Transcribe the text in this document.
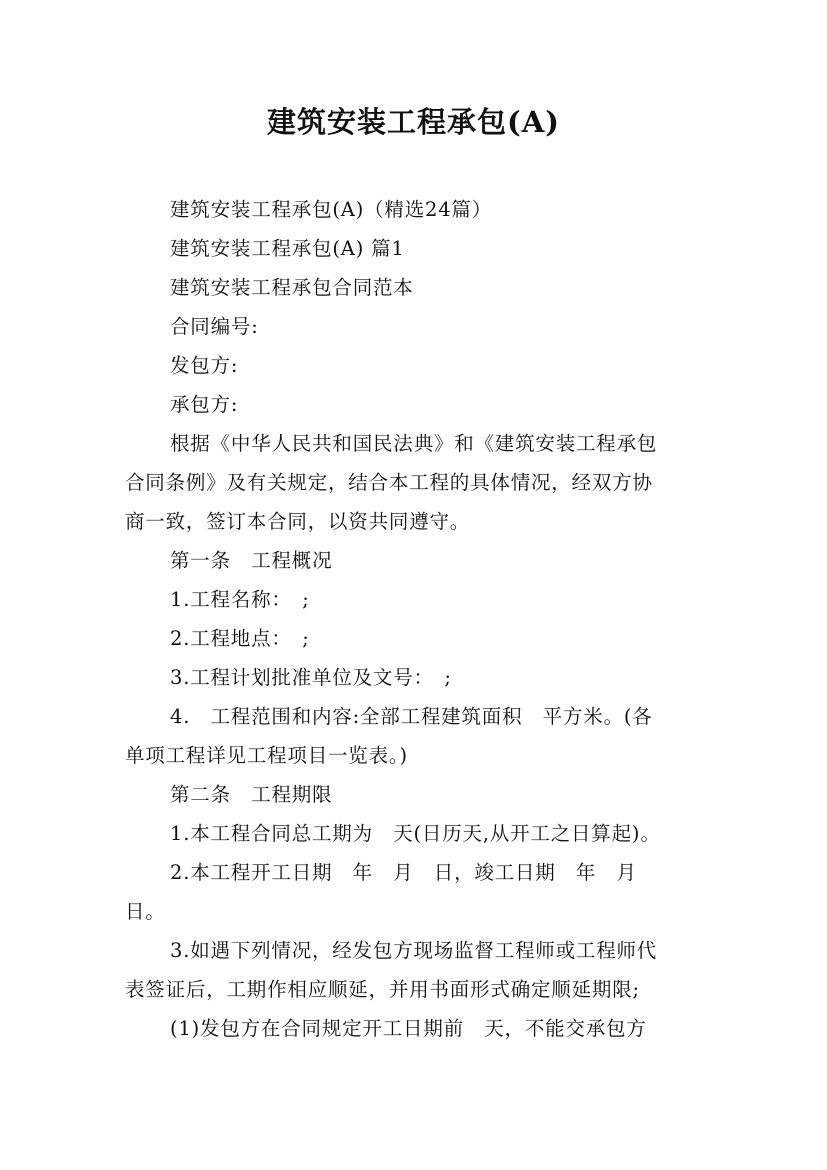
建筑安装工程承包(A)
建筑安装工程承包(A)（精选24篇）
建筑安装工程承包(A) 篇1
建筑安装工程承包合同范本
合同编号:
发包方:
承包方:
根据《中华人民共和国民法典》和《建筑安装工程承包
合同条例》及有关规定，结合本工程的具体情况，经双方协
商一致，签订本合同，以资共同遵守。
第一条　工程概况
1.工程名称：　;
2.工程地点：　;
3.工程计划批准单位及文号：　;
4.　工程范围和内容:全部工程建筑面积　平方米。(各
单项工程详见工程项目一览表。)
第二条　工程期限
1.本工程合同总工期为　天(日历天,从开工之日算起)。
2.本工程开工日期　年　月　日，竣工日期　年　月
日。
3.如遇下列情况，经发包方现场监督工程师或工程师代
表签证后，工期作相应顺延，并用书面形式确定顺延期限;
(1)发包方在合同规定开工日期前　天，不能交承包方
